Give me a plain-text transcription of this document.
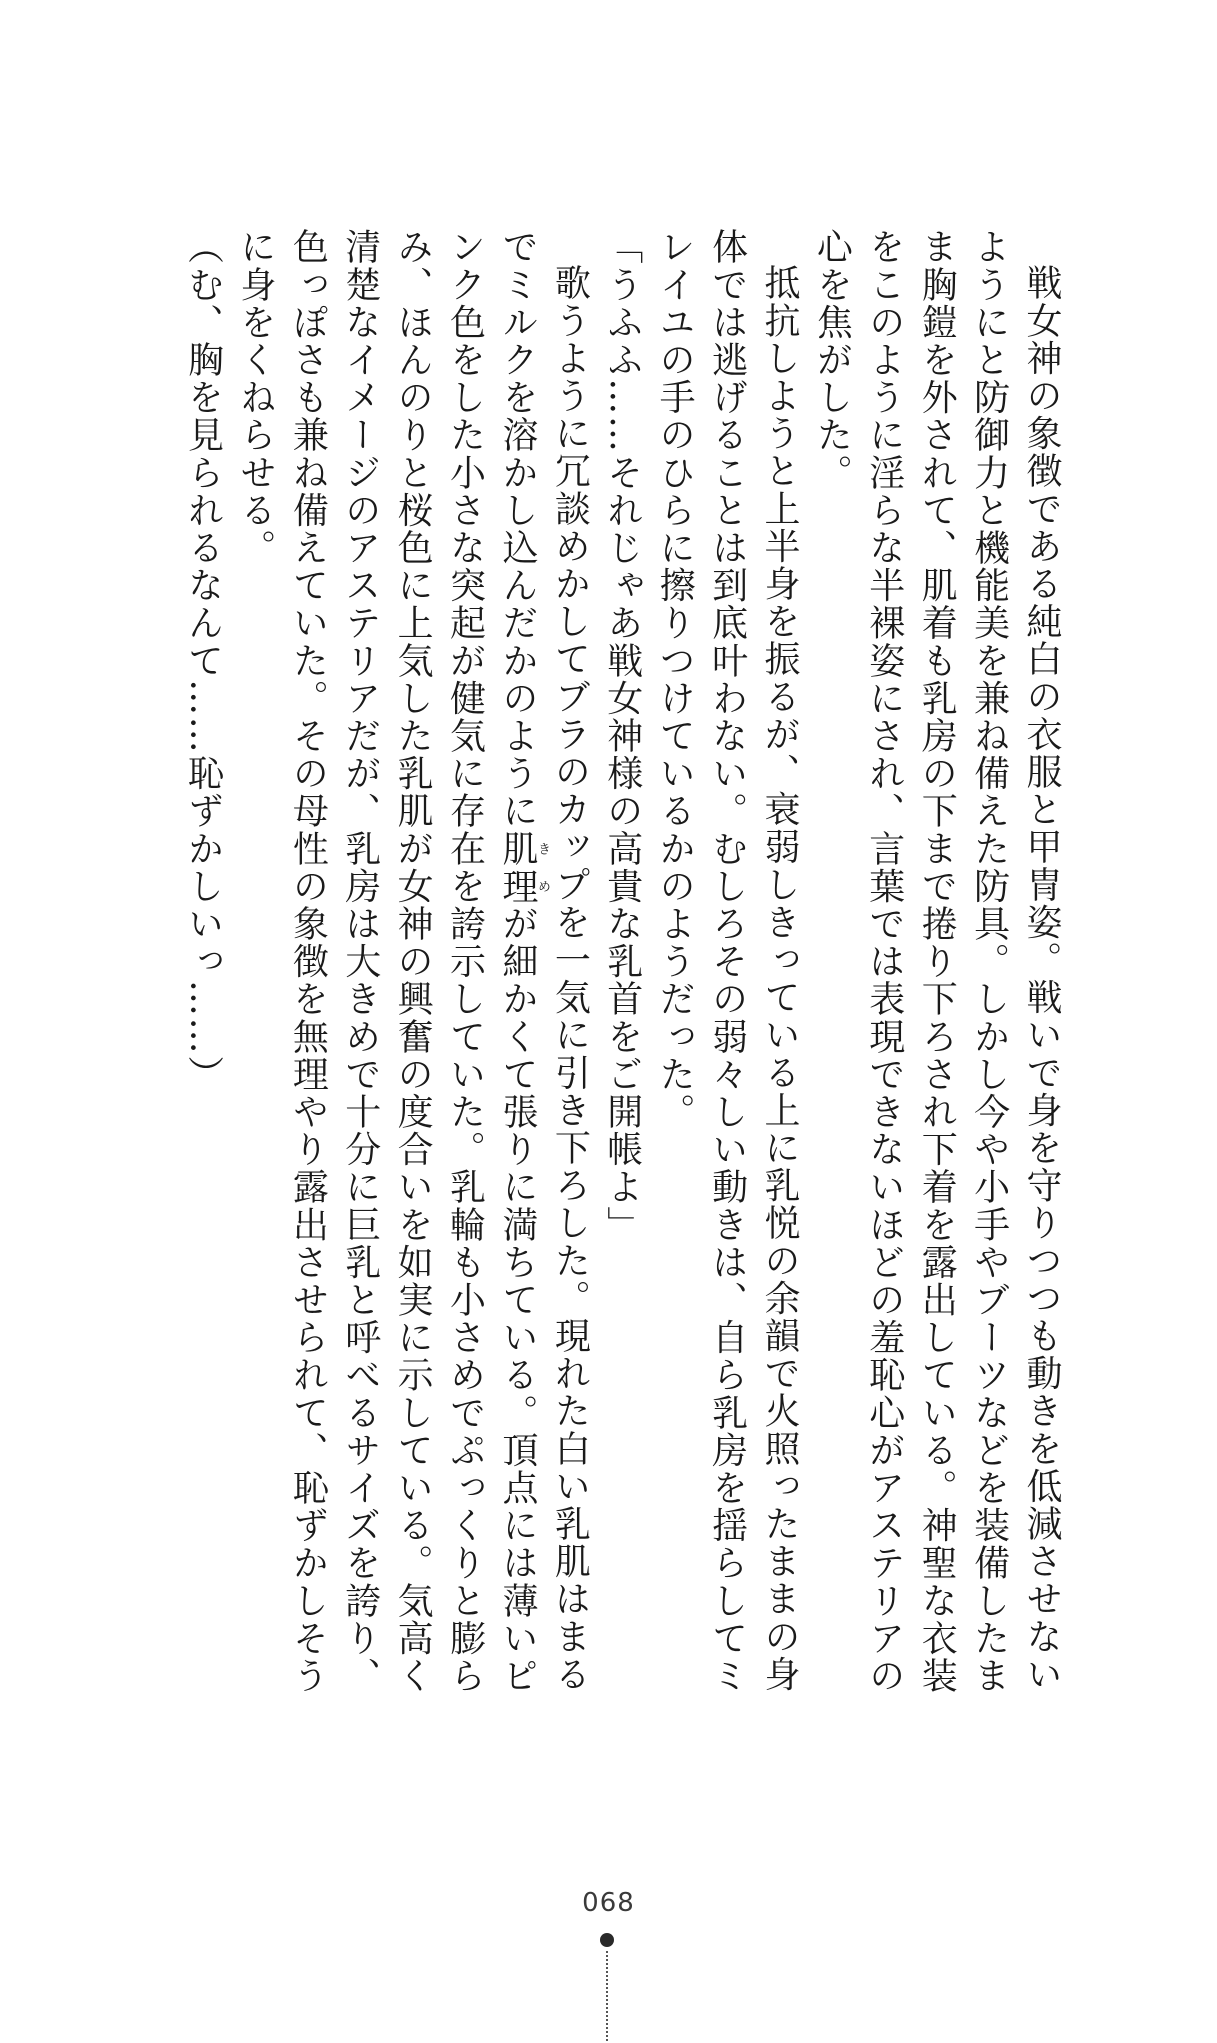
戦女神の象徴である純白の衣服と甲冑姿。戦いで身を守りつつも動きを低減させないようにと防御力と機能美を兼ね備えた防具。しかし今や小手やブーツなどを装備したまま胸鎧を外されて、肌着も乳房の下まで捲り下ろされ下着を露出している。神聖な衣装をこのように淫らな半裸姿にされ、言葉では表現できないほどの羞恥心がアステリアの心を焦がした。

抵抗しようと上半身を振るが、衰弱しきっている上に乳悦の余韻で火照ったままの身体では逃げることは到底叶わない。むしろその弱々しい動きは、自ら乳房を揺らしてミレイユの手のひらに擦りつけているかのようだった。

「うふふ……それじゃあ戦女神様の高貴な乳首をご開帳よ」

歌うように冗談めかしてブラのカップを一気に引き下ろした。現れた白い乳肌はまるでミルクを溶かし込んだかのように肌理きめが細かくて張りに満ちている。頂点には薄いピンク色をした小さな突起が健気に存在を誇示していた。乳輪も小さめでぷっくりと膨らみ、ほんのりと桜色に上気した乳肌が女神の興奮の度合いを如実に示している。気高く清楚なイメージのアステリアだが、乳房は大きめで十分に巨乳と呼べるサイズを誇り、色っぽさも兼ね備えていた。その母性の象徴を無理やり露出させられて、恥ずかしそうに身をくねらせる。

（む、胸を見られるなんて……恥ずかしいっ……）

068
